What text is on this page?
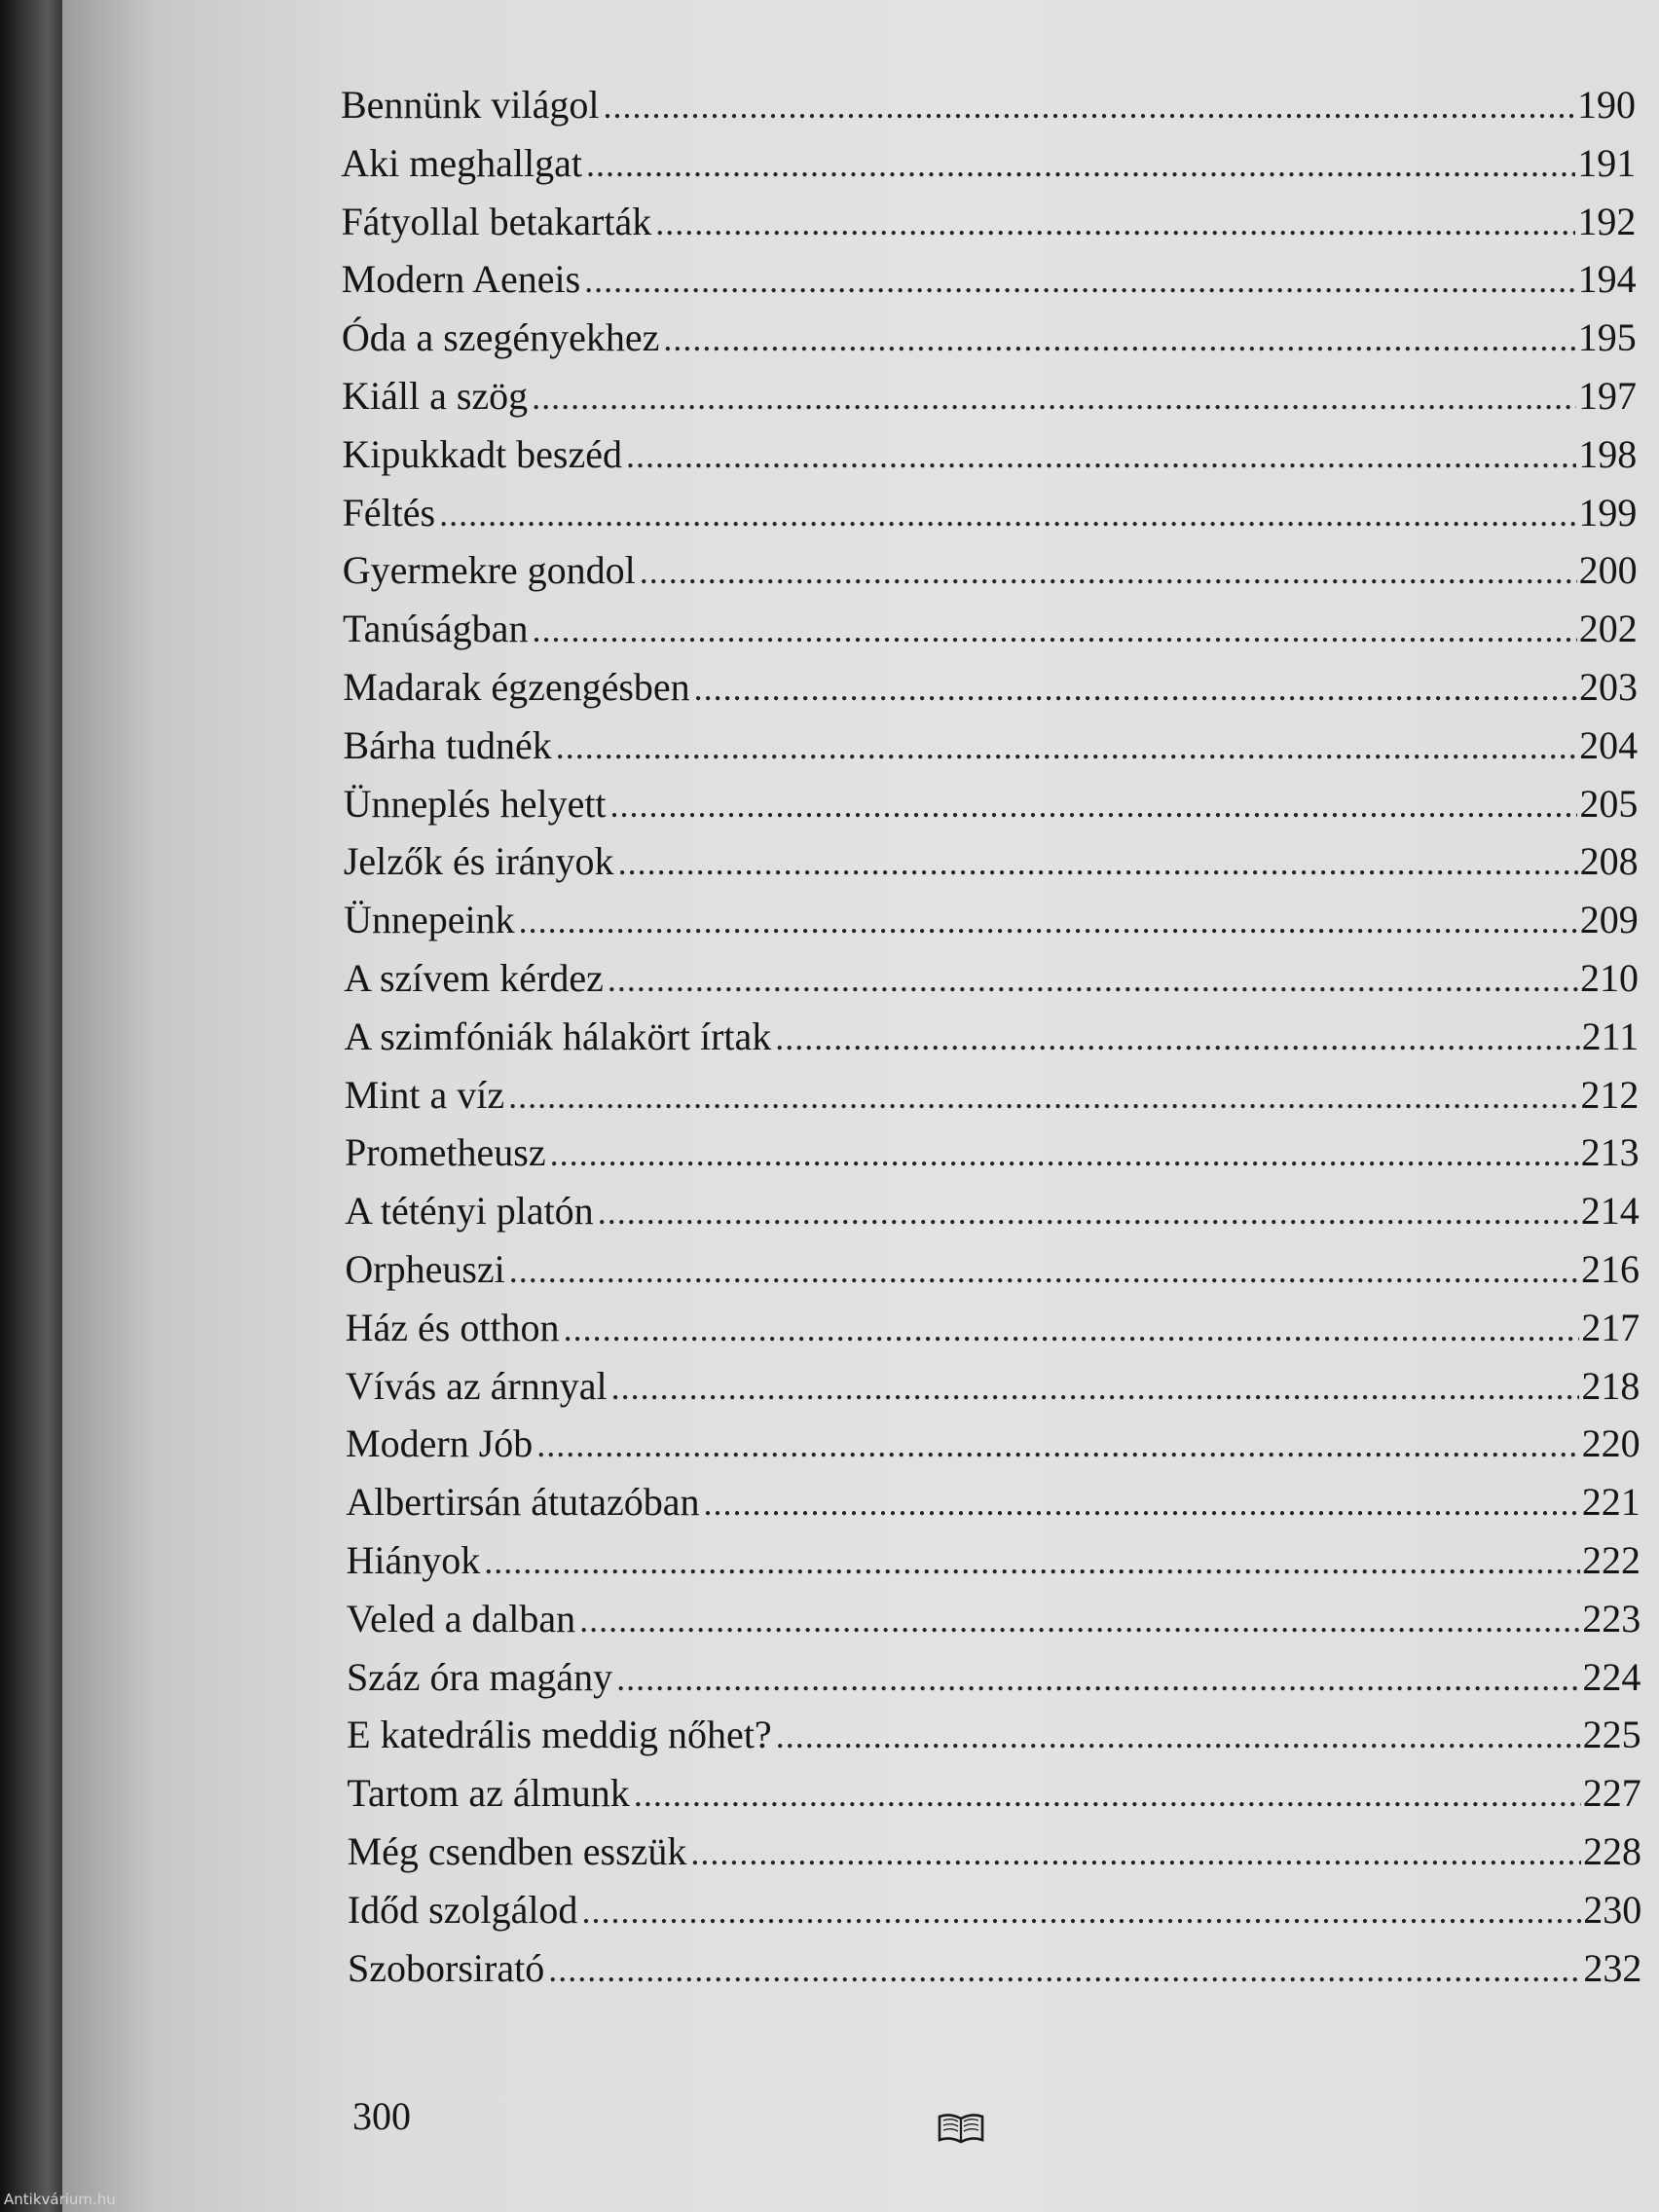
Bennünk világol .....	190
Aki meghallgat .....	191
Fátyollal betakarták .....	192
Modern Aeneis .....	194
Óda a szegényekhez .....	195
Kiáll a szög .....	197
Kipukkadt beszéd .....	198
Féltés .....	199
Gyermekre gondol .....	200
Tanúságban .....	202
Madarak égzengésben .....	203
Bárha tudnék .....	204
Ünneplés helyett .....	205
Jelzők és irányok .....	208
Ünnepeink .....	209
A szívem kérdez .....	210
A szimfóniák hálakört írtak .....	211
Mint a víz .....	212
Prometheusz .....	213
A tétényi platón .....	214
Orpheuszi .....	216
Ház és otthon .....	217
Vívás az árnnyal .....	218
Modern Jób .....	220
Albertirsán átutazóban .....	221
Hiányok .....	222
Veled a dalban .....	223
Száz óra magány .....	224
E katedrális meddig nőhet? .....	225
Tartom az álmunk .....	227
Még csendben esszük .....	228
Időd szolgálod .....	230
Szoborsirató .....	232
300
Antikvárium.hu
